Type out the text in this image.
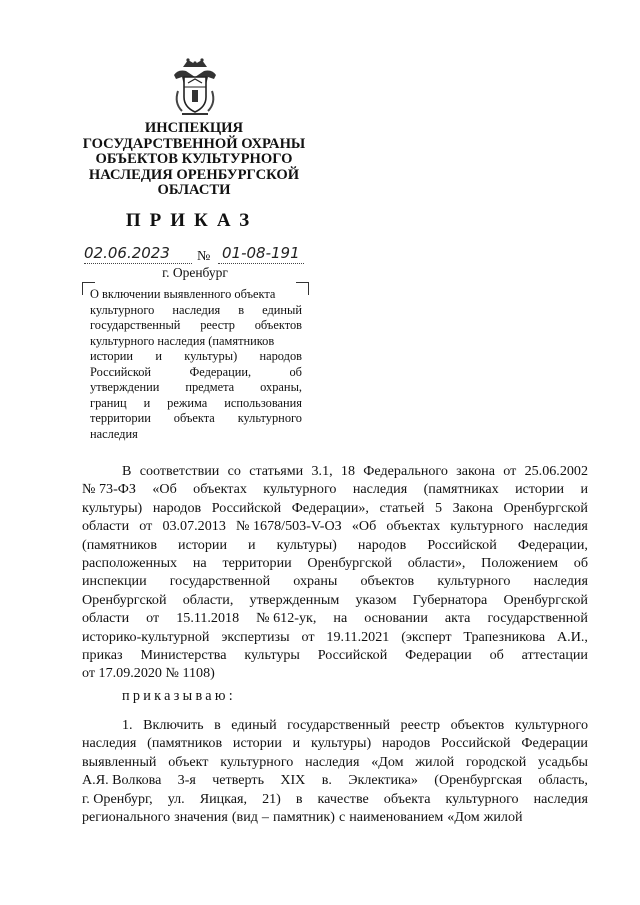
ИНСПЕКЦИЯ
ГОСУДАРСТВЕННОЙ ОХРАНЫ
ОБЪЕКТОВ КУЛЬТУРНОГО
НАСЛЕДИЯ ОРЕНБУРГСКОЙ
ОБЛАСТИ
ПРИКАЗ
02.06.2023 № 01-08-191
г. Оренбург
О включении выявленного объекта
культурного наследия в единый
государственный реестр объектов
культурного наследия (памятников
истории и культуры) народов
Российской	Федерации,	об
утверждении предмета охраны,
границ и режима использования
территории объекта культурного
наследия
В соответствии со статьями 3.1, 18 Федерального закона от 25.06.2002
№ 73-ФЗ «Об объектах культурного наследия (памятниках истории и
культуры) народов Российской Федерации», статьей 5 Закона Оренбургской
области от 03.07.2013 № 1678/503-V-ОЗ «Об объектах культурного наследия
(памятников истории и культуры) народов Российской Федерации,
расположенных на территории Оренбургской области», Положением об
инспекции государственной охраны объектов культурного наследия
Оренбургской области, утвержденным указом Губернатора Оренбургской
области от 15.11.2018 № 612-ук, на основании акта государственной
историко-культурной экспертизы от 19.11.2021 (эксперт Трапезникова А.И.,
приказ Министерства культуры Российской Федерации об аттестации
от 17.09.2020 № 1108)
приказываю:
1. Включить в единый государственный реестр объектов культурного
наследия (памятников истории и культуры) народов Российской Федерации
выявленный объект культурного наследия «Дом жилой городской усадьбы
А.Я. Волкова 3-я четверть XIX в. Эклектика» (Оренбургская область,
г. Оренбург, ул. Яицкая, 21) в качестве объекта культурного наследия
регионального значения (вид – памятник) с наименованием «Дом жилой
